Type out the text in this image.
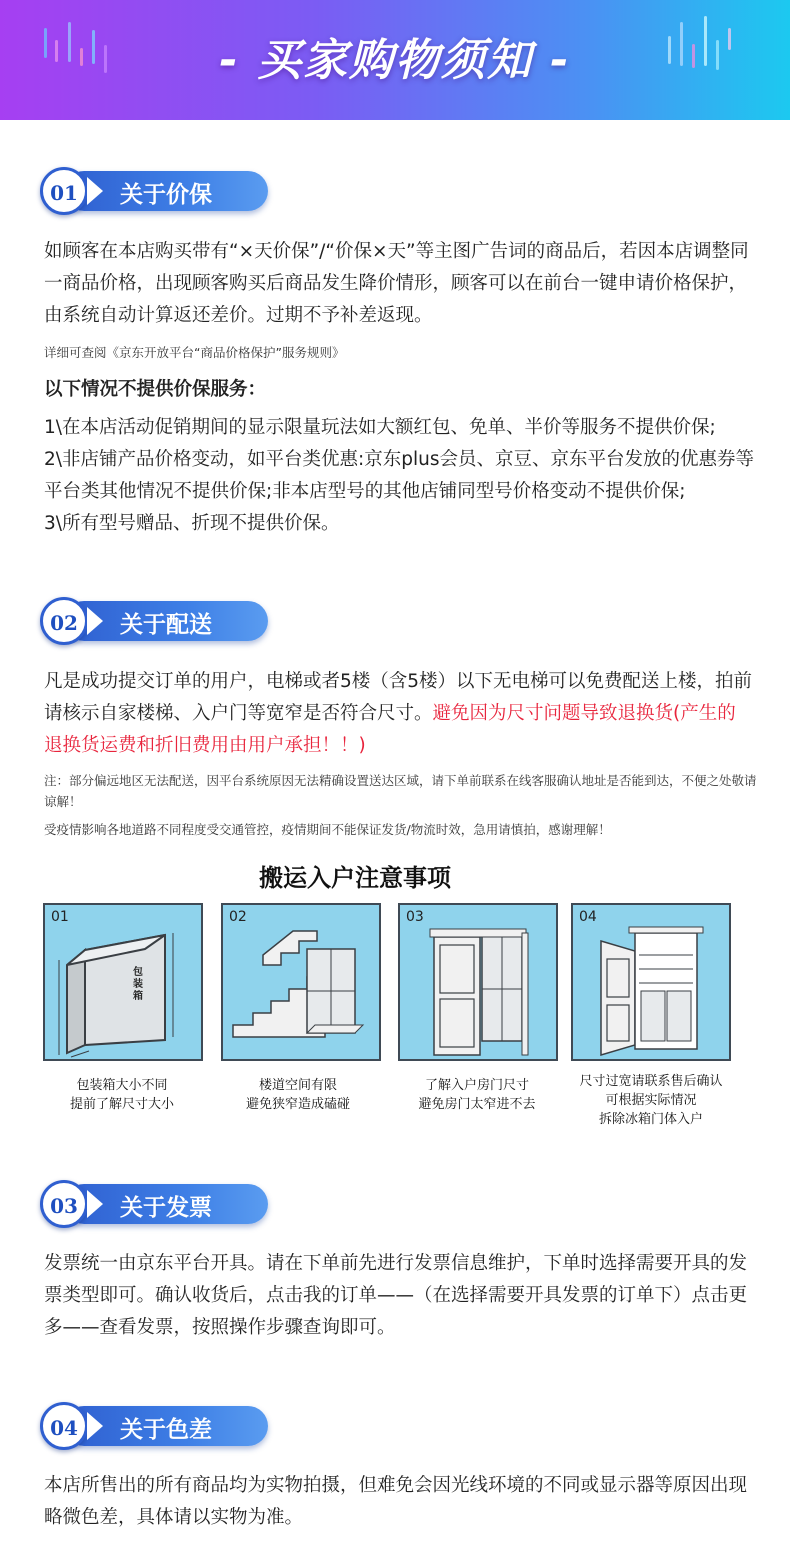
- 买家购物须知 -
关于价保
01
如顾客在本店购买带有“×天价保”/“价保×天”等主图广告词的商品后，若因本店调整同一商品价格，出现顾客购买后商品发生降价情形，顾客可以在前台一键申请价格保护，由系统自动计算返还差价。过期不予补差返现。
详细可查阅《京东开放平台“商品价格保护”服务规则》
以下情况不提供价保服务：
1\在本店活动促销期间的显示限量玩法如大额红包、免单、半价等服务不提供价保;
2\非店铺产品价格变动，如平台类优惠:京东plus会员、京豆、京东平台发放的优惠券等平台类其他情况不提供价保;非本店型号的其他店铺同型号价格变动不提供价保;
3\所有型号赠品、折现不提供价保。
关于配送
02
凡是成功提交订单的用户，电梯或者5楼（含5楼）以下无电梯可以免费配送上楼，拍前请核示自家楼梯、入户门等宽窄是否符合尺寸。避免因为尺寸问题导致退换货(产生的退换货运费和折旧费用由用户承担！！)
注：部分偏远地区无法配送，因平台系统原因无法精确设置送达区域，请下单前联系在线客服确认地址是否能到达，不便之处敬请谅解！
受疫情影响各地道路不同程度受交通管控，疫情期间不能保证发货/物流时效，急用请慎拍，感谢理解！
搬运入户注意事项
01
包装箱
02	03	04
包装箱大小不同
提前了解尺寸大小
楼道空间有限
避免狭窄造成磕碰
了解入户房门尺寸
避免房门太窄进不去
尺寸过宽请联系售后确认
可根据实际情况
拆除冰箱门体入户
关于发票
03
发票统一由京东平台开具。请在下单前先进行发票信息维护，下单时选择需要开具的发票类型即可。确认收货后，点击我的订单——（在选择需要开具发票的订单下）点击更多——查看发票，按照操作步骤查询即可。
关于色差
04
本店所售出的所有商品均为实物拍摄，但难免会因光线环境的不同或显示器等原因出现略微色差，具体请以实物为准。
